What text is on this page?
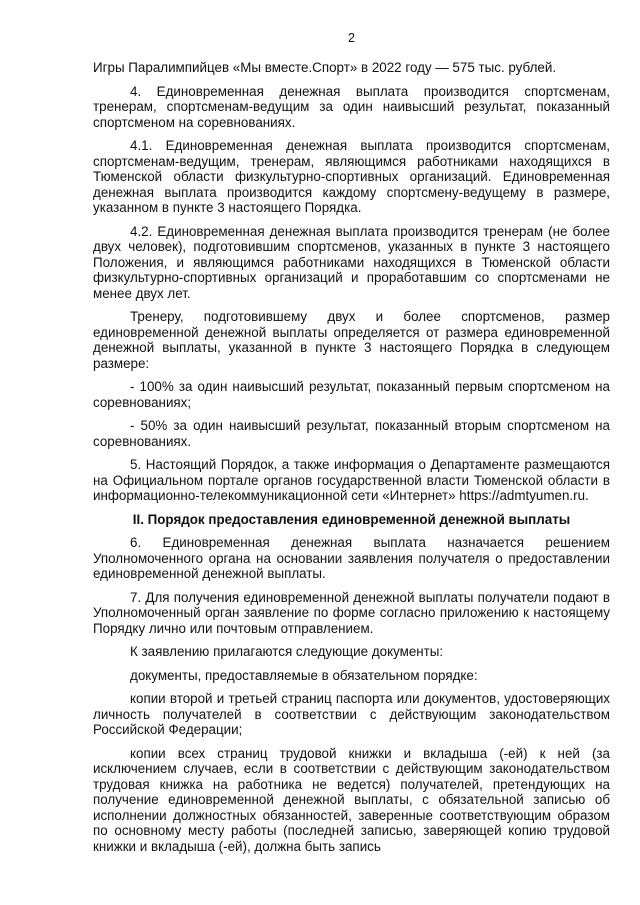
2

Игры Паралимпийцев «Мы вместе.Спорт» в 2022 году — 575 тыс. рублей.

4. Единовременная денежная выплата производится спортсменам, тренерам, спортсменам-ведущим за один наивысший результат, показанный спортсменом на соревнованиях.

4.1. Единовременная денежная выплата производится спортсменам, спортсменам-ведущим, тренерам, являющимся работниками находящихся в Тюменской области физкультурно-спортивных организаций. Единовременная денежная выплата производится каждому спортсмену-ведущему в размере, указанном в пункте 3 настоящего Порядка.

4.2. Единовременная денежная выплата производится тренерам (не более двух человек), подготовившим спортсменов, указанных в пункте 3 настоящего Положения, и являющимся работниками находящихся в Тюменской области физкультурно-спортивных организаций и проработавшим со спортсменами не менее двух лет.

Тренеру, подготовившему двух и более спортсменов, размер единовременной денежной выплаты определяется от размера единовременной денежной выплаты, указанной в пункте 3 настоящего Порядка в следующем размере:

- 100% за один наивысший результат, показанный первым спортсменом на соревнованиях;

- 50% за один наивысший результат, показанный вторым спортсменом на соревнованиях.

5. Настоящий Порядок, а также информация о Департаменте размещаются на Официальном портале органов государственной власти Тюменской области в информационно-телекоммуникационной сети «Интернет» https://admtyumen.ru.

II. Порядок предоставления единовременной денежной выплаты

6. Единовременная денежная выплата назначается решением Уполномоченного органа на основании заявления получателя о предоставлении единовременной денежной выплаты.

7. Для получения единовременной денежной выплаты получатели подают в Уполномоченный орган заявление по форме согласно приложению к настоящему Порядку лично или почтовым отправлением.

К заявлению прилагаются следующие документы:

документы, предоставляемые в обязательном порядке:

копии второй и третьей страниц паспорта или документов, удостоверяющих личность получателей в соответствии с действующим законодательством Российской Федерации;

копии всех страниц трудовой книжки и вкладыша (-ей) к ней (за исключением случаев, если в соответствии с действующим законодательством трудовая книжка на работника не ведется) получателей, претендующих на получение единовременной денежной выплаты, с обязательной записью об исполнении должностных обязанностей, заверенные соответствующим образом по основному месту работы (последней записью, заверяющей копию трудовой книжки и вкладыша (-ей), должна быть запись
